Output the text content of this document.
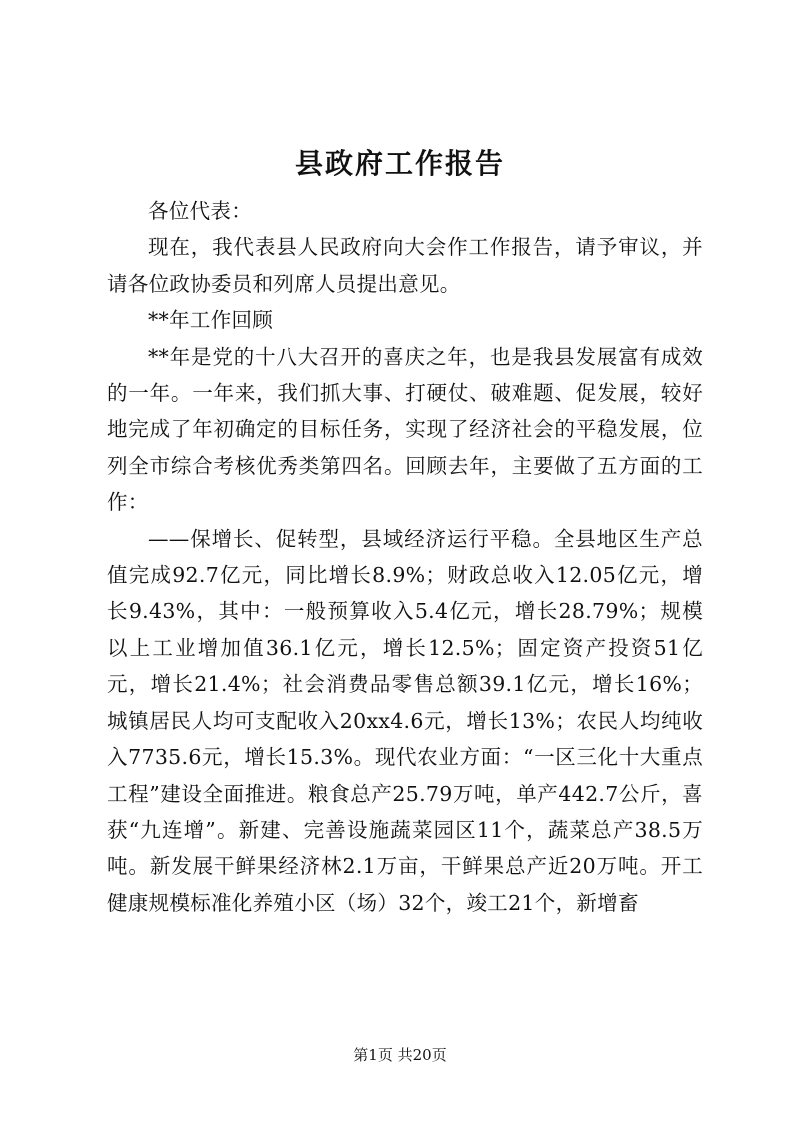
县政府工作报告

各位代表：

现在，我代表县人民政府向大会作工作报告，请予审议，并请各位政协委员和列席人员提出意见。

**年工作回顾

**年是党的十八大召开的喜庆之年，也是我县发展富有成效的一年。一年来，我们抓大事、打硬仗、破难题、促发展，较好地完成了年初确定的目标任务，实现了经济社会的平稳发展，位列全市综合考核优秀类第四名。回顾去年，主要做了五方面的工作：

——保增长、促转型，县域经济运行平稳。全县地区生产总值完成92.7亿元，同比增长8.9%；财政总收入12.05亿元，增长9.43%，其中：一般预算收入5.4亿元，增长28.79%；规模以上工业增加值36.1亿元，增长12.5%；固定资产投资51亿元，增长21.4%；社会消费品零售总额39.1亿元，增长16%；城镇居民人均可支配收入20xx4.6元，增长13%；农民人均纯收入7735.6元，增长15.3%。现代农业方面：“一区三化十大重点工程”建设全面推进。粮食总产25.79万吨，单产442.7公斤，喜获“九连增”。新建、完善设施蔬菜园区11个，蔬菜总产38.5万吨。新发展干鲜果经济林2.1万亩，干鲜果总产近20万吨。开工健康规模标准化养殖小区（场）32个，竣工21个，新增畜

第1页 共20页
